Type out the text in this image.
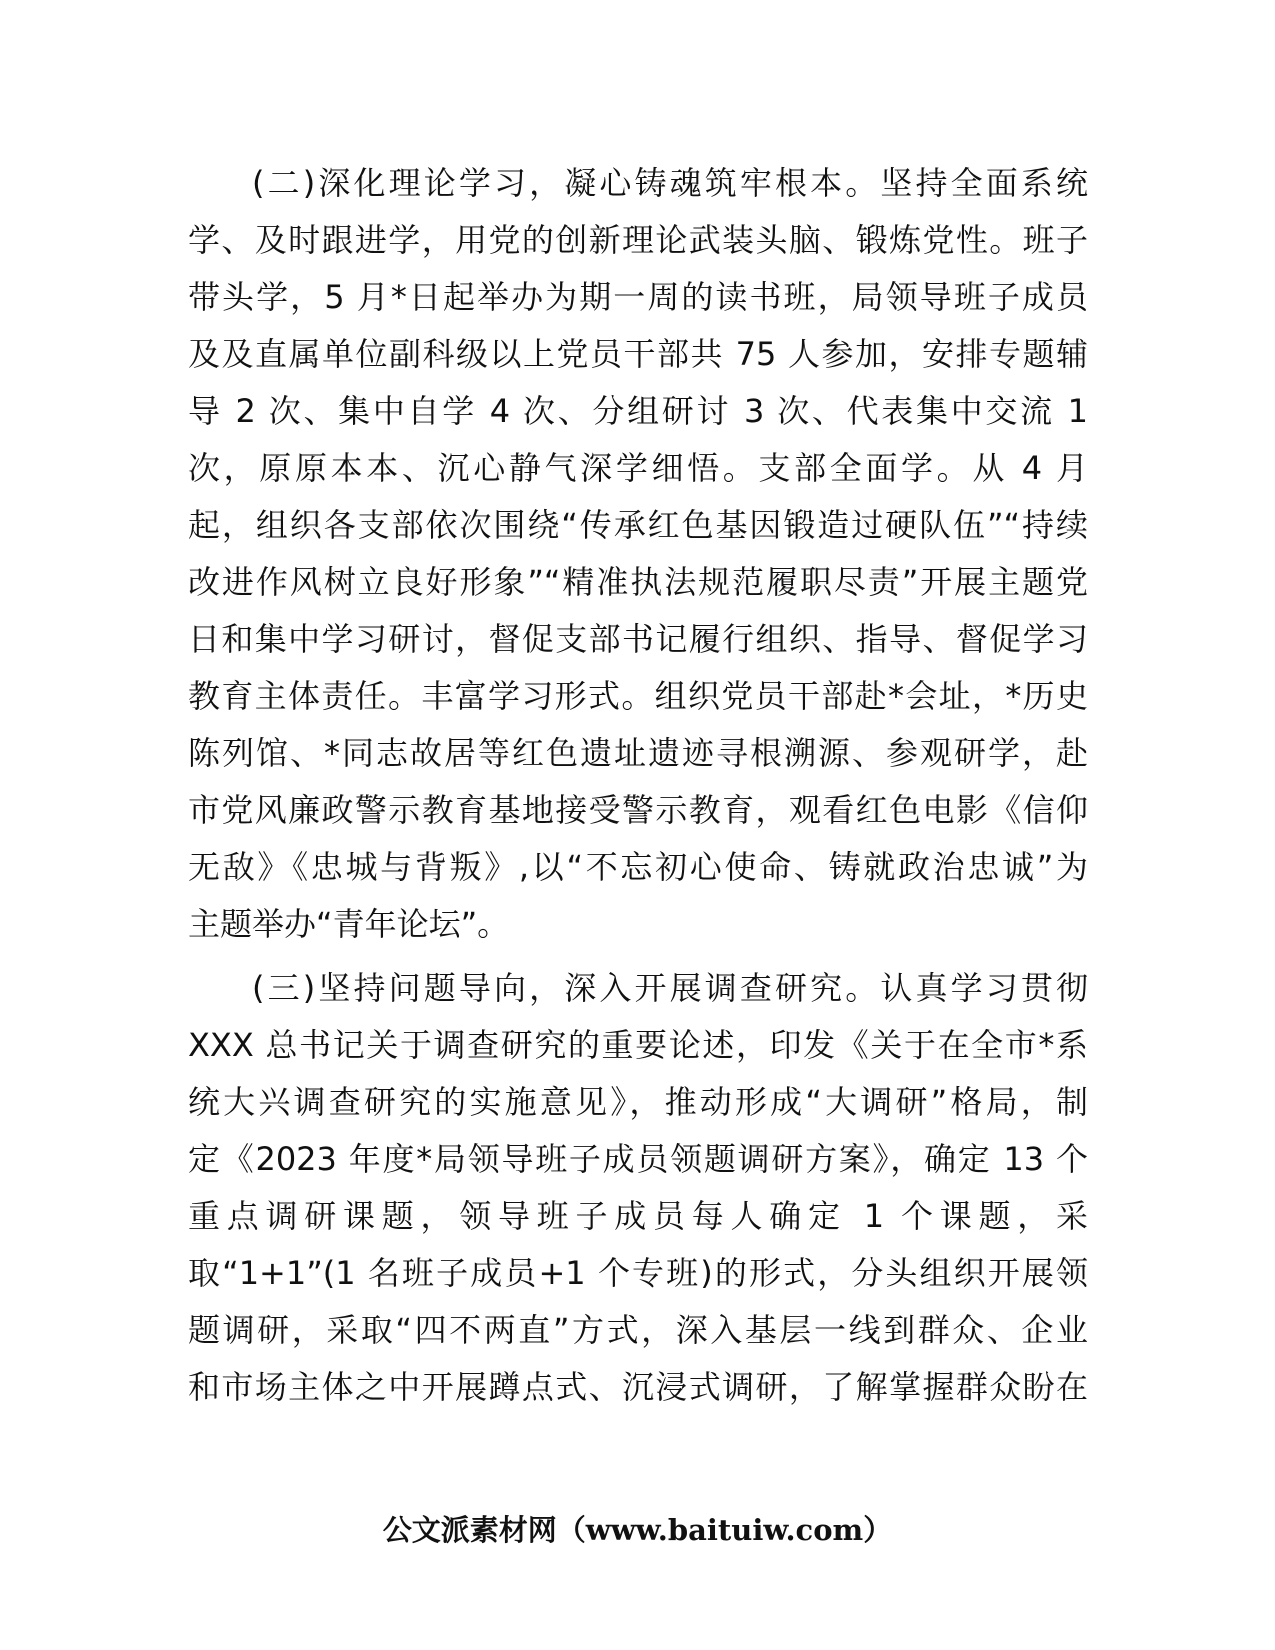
(二)深化理论学习，凝心铸魂筑牢根本。坚持全面系统
学、及时跟进学，用党的创新理论武装头脑、锻炼党性。班子
带头学，5 月*日起举办为期一周的读书班，局领导班子成员
及及直属单位副科级以上党员干部共 75 人参加，安排专题辅
导 2 次、集中自学 4 次、分组研讨 3 次、代表集中交流 1
次，原原本本、沉心静气深学细悟。支部全面学。从 4 月
起，组织各支部依次围绕“传承红色基因锻造过硬队伍”“持续
改进作风树立良好形象”“精准执法规范履职尽责”开展主题党
日和集中学习研讨，督促支部书记履行组织、指导、督促学习
教育主体责任。丰富学习形式。组织党员干部赴*会址，*历史
陈列馆、*同志故居等红色遗址遗迹寻根溯源、参观研学，赴
市党风廉政警示教育基地接受警示教育，观看红色电影《信仰
无敌》《忠城与背叛》,以“不忘初心使命、铸就政治忠诚”为
主题举办“青年论坛”。
(三)坚持问题导向，深入开展调查研究。认真学习贯彻
XXX 总书记关于调查研究的重要论述，印发《关于在全市*系
统大兴调查研究的实施意见》，推动形成“大调研”格局，制
定《2023 年度*局领导班子成员领题调研方案》，确定 13 个
重点调研课题，领导班子成员每人确定 1 个课题，采
取“1+1”(1 名班子成员+1 个专班)的形式，分头组织开展领
题调研，采取“四不两直”方式，深入基层一线到群众、企业
和市场主体之中开展蹲点式、沉浸式调研，了解掌握群众盼在
公文派素材网（www.baituiw.com）
